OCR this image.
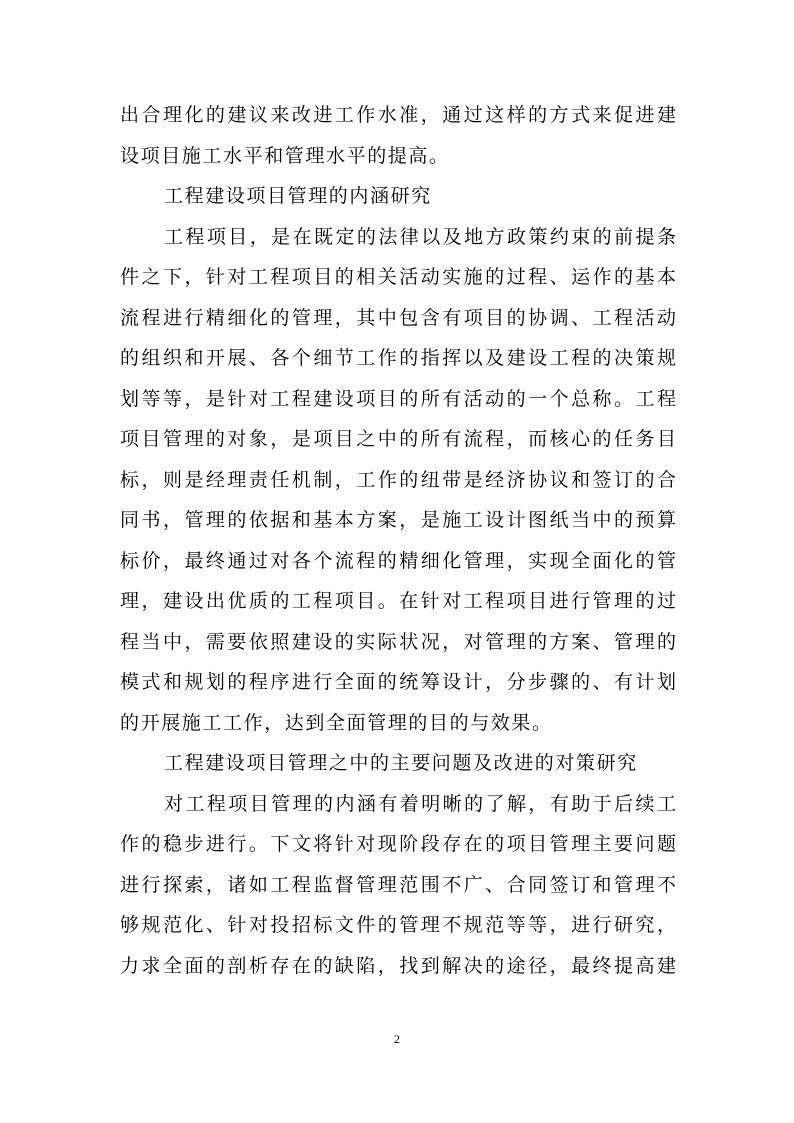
出合理化的建议来改进工作水准，通过这样的方式来促进建
设项目施工水平和管理水平的提高。
工程建设项目管理的内涵研究
工程项目，是在既定的法律以及地方政策约束的前提条
件之下，针对工程项目的相关活动实施的过程、运作的基本
流程进行精细化的管理，其中包含有项目的协调、工程活动
的组织和开展、各个细节工作的指挥以及建设工程的决策规
划等等，是针对工程建设项目的所有活动的一个总称。工程
项目管理的对象，是项目之中的所有流程，而核心的任务目
标，则是经理责任机制，工作的纽带是经济协议和签订的合
同书，管理的依据和基本方案，是施工设计图纸当中的预算
标价，最终通过对各个流程的精细化管理，实现全面化的管
理，建设出优质的工程项目。在针对工程项目进行管理的过
程当中，需要依照建设的实际状况，对管理的方案、管理的
模式和规划的程序进行全面的统筹设计，分步骤的、有计划
的开展施工工作，达到全面管理的目的与效果。
工程建设项目管理之中的主要问题及改进的对策研究
对工程项目管理的内涵有着明晰的了解，有助于后续工
作的稳步进行。下文将针对现阶段存在的项目管理主要问题
进行探索，诸如工程监督管理范围不广、合同签订和管理不
够规范化、针对投招标文件的管理不规范等等，进行研究，
力求全面的剖析存在的缺陷，找到解决的途径，最终提高建
2
